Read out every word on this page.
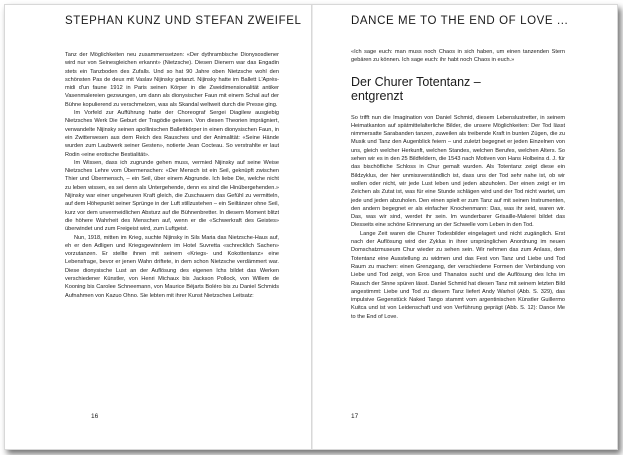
STEPHAN KUNZ UND STEFAN ZWEIFEL

Tanz der Möglichkeiten neu zusammensetzen: «Der dythrambische Dionysosdiener wird nur von Seinesgleichen erkannt» (Nietzsche). Diesen Dienern war das Engadin stets ein Tanzboden des Zufalls. Und so hat 90 Jahre oben Nietzsche wohl den schönsten Pas de deux mit Vaslav Nijinsky getanzt. Nijinsky hatte im Ballett L'Après-midi d'un faune 1912 in Paris seinen Körper in die Zweidimensionalität antiker Vasenmalereien gezwungen, um dann als dionysischer Faun mit einem Schal auf der Bühne kopulierend zu verschmelzen, was als Skandal weltweit durch die Presse ging.

Im Vorfeld zur Aufführung hatte der Choreograf Sergei Diagilew ausgiebig Nietzsches Werk Die Geburt der Tragödie gelesen. Von diesen Theorien imprägniert, verwandelte Nijinsky seinen apollinischen Ballettkörper in einen dionysischen Faun, in ein Zwitterwesen aus dem Reich des Rausches und der Animalität: «Seine Hände wurden zum Laubwerk seiner Gesten», notierte Jean Cocteau. So verstrahlte er laut Rodin «eine erotische Bestialität».

Im Wissen, dass ich zugrunde gehen muss, vermied Nijinsky auf seine Weise Nietzsches Lehre vom Übermenschen: «Der Mensch ist ein Seil, geknüpft zwischen Thier und Übermensch, – ein Seil, über einem Abgrunde. Ich liebe Die, welche nicht zu leben wissen, es sei denn als Untergehende, denn es sind die Hinübergehenden.» Nijinsky war einer ungeheuren Kraft gleich, die Zuschauern das Gefühl zu vermitteln, auf dem Höhepunkt seiner Sprünge in der Luft stillzustehen – ein Seiltänzer ohne Seil, kurz vor dem unvermeidlichen Absturz auf die Bühnenbretter. In diesem Moment blitzt die höhere Wahrheit des Menschen auf, wenn er die «Schwerkraft des Geistes» überwindet und zum Freigeist wird, zum Luftgeist.

Nun, 1918, mitten im Krieg, suchte Nijinsky in Sils Maria das Nietzsche-Haus auf, eh er den Adligen und Kriegsgewinnlern im Hotel Suvretta «schrecklich Sachen» vorzutanzen. Er stellte ihnen mit seinem «Kriegs- und Kokottentanz» eine Lebensfrage, bevor er jenen Wahn driftete, in dem schon Nietzsche verdämmert war. Diese dionysische Lust an der Auflösung des eigenen Ichs bildet das Werken verschiedener Künstler, von Henri Michaux bis Jackson Pollock, von Willem de Kooning bis Carolee Schneemann, von Maurice Béjarts Boléro bis zu Daniel Schmids Aufnahmen von Kazuo Ohno. Sie lebten mit ihrer Kunst Nietzsches Leitsatz:

16
DANCE ME TO THE END OF LOVE ...

«Ich sage euch: man muss noch Chaos in sich haben, um einen tanzenden Stern gebären zu können. Ich sage euch: ihr habt noch Chaos in euch.»

Der Churer Totentanz –
entgrenzt

So trifft nun die Imagination von Daniel Schmid, diesem Lebenslustretter, in seinem Heimatkanton auf spätmittelalterliche Bilder, die unsere Möglichkeiten: Der Tod lässt nimmersatte Sarabanden tanzen, zuweilen als treibende Kraft in bunten Zügen, die zu Musik und Tanz den Augenblick feiern – und zuletzt begegnet er jeden Einzelnen von uns, gleich welcher Herkunft, welchen Standes, welchen Berufes, welchen Alters. So sehen wir es in den 25 Bildfeldern, die 1543 nach Motiven von Hans Holbeins d. J. für das bischöfliche Schloss in Chur gemalt wurden. Als Totentanz zeigt diese ein Bildzyklus, der hier unmissverständlich ist, dass uns der Tod sehr nahe ist, ob wir wollen oder nicht, wir jede Lust leben und jeden abzuholen. Der einen zeigt er im Zeichen als Zutat ist, was für eine Stunde schlägen wird und der Tod nicht wartet, um jede und jeden abzuholen. Den einen spielt er zum Tanz auf mit seinen Instrumenten, den andern begegnet er als einfacher Knochenmann: Das, was ihr seid, waren wir. Das, was wir sind, werdet ihr sein. Im wunderbarer Grisaille-Malerei bildet das Diesseits eine schöne Erinnerung an der Schwelle vom Leben in den Tod.

Lange Zeit waren die Churer Todesbilder eingelagert und nicht zugänglich. Erst nach der Auflösung wird der Zyklus in ihrer ursprünglichen Anordnung im neuen Domschatzmuseum Chur wieder zu sehen sein. Wir nehmen das zum Anlass, dem Totentanz eine Ausstellung zu widmen und das Fest von Tanz und Liebe und Tod Raum zu machen: einen Grenzgang, der verschiedene Formen der Verbindung von Liebe und Tod zeigt, von Eros und Thanatos sucht und die Auflösung des Ichs im Rausch der Sinne spüren lässt. Daniel Schmid hat diesen Tanz mit seinem letzten Bild angestimmt: Liebe und Tod zu diesem Tanz liefert Andy Warhol (Abb. S. 329), das impulsive Gegenstück Naked Tango stammt vom argentinischen Künstler Guillermo Kuitca und ist von Leidenschaft und von Verführung geprägt (Abb. S. 12): Dance Me to the End of Love.

17
